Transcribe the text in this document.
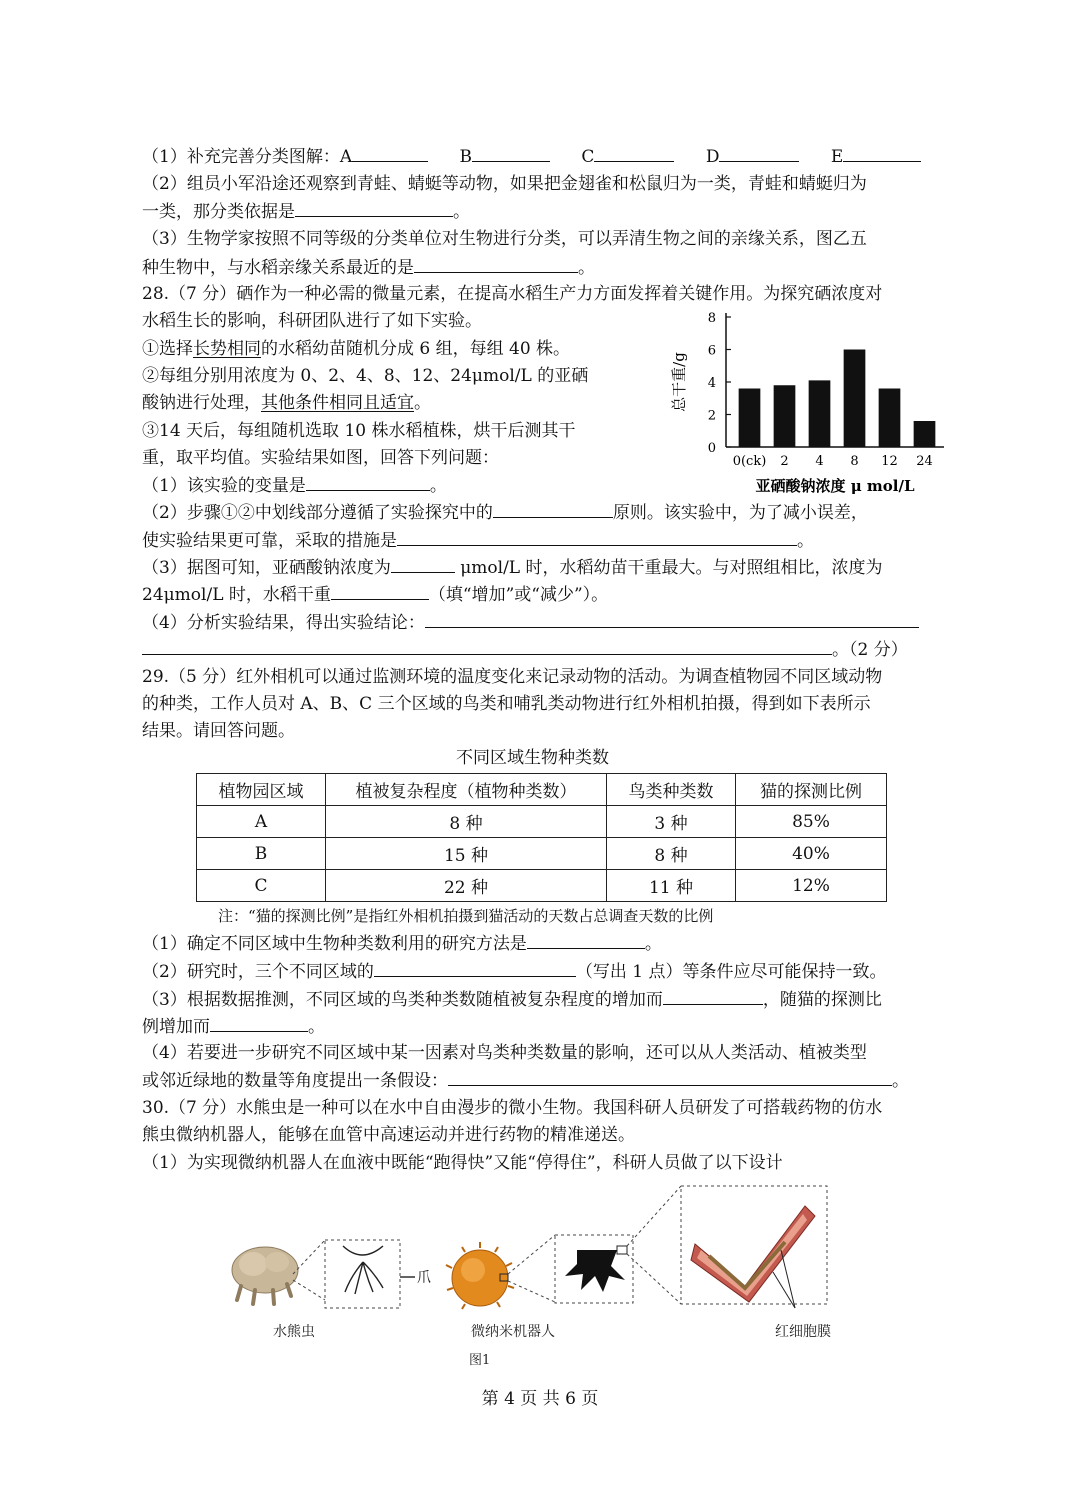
（1）补充完善分类图解：A	B	C	D	E
（2）组员小军沿途还观察到青蛙、蜻蜓等动物，如果把金翅雀和松鼠归为一类，青蛙和蜻蜓归为
一类，那分类依据是	。
（3）生物学家按照不同等级的分类单位对生物进行分类，可以弄清生物之间的亲缘关系，图乙五
种生物中，与水稻亲缘关系最近的是	。
28.（7 分）硒作为一种必需的微量元素，在提高水稻生产力方面发挥着关键作用。为探究硒浓度对
水稻生长的影响，科研团队进行了如下实验。
①选择长势相同的水稻幼苗随机分成 6 组，每组 40 株。
②每组分别用浓度为 0、2、4、8、12、24μmol/L 的亚硒
酸钠进行处理，其他条件相同且适宜。
③14 天后，每组随机选取 10 株水稻植株，烘干后测其干
重，取平均值。实验结果如图，回答下列问题：
（1）该实验的变量是	。
（2）步骤①②中划线部分遵循了实验探究中的	原则。该实验中，为了减小误差，
使实验结果更可靠，采取的措施是	。
（3）据图可知，亚硒酸钠浓度为	μmol/L 时，水稻幼苗干重最大。与对照组相比，浓度为
24μmol/L 时，水稻干重	（填“增加”或“减少”）。
（4）分析实验结果，得出实验结论：
。（2 分）
0
2
4
6
8
0(ck) 2 4 8 12 24
总干重/g
亚硒酸钠浓度 μ mol/L
29.（5 分）红外相机可以通过监测环境的温度变化来记录动物的活动。为调查植物园不同区域动物
的种类，工作人员对 A、B、C 三个区域的鸟类和哺乳类动物进行红外相机拍摄，得到如下表所示
结果。请回答问题。
不同区域生物种类数
植物园区域	植被复杂程度（植物种类数）	鸟类种类数	猫的探测比例
A	8 种	3 种	85%
B	15 种	8 种	40%
C	22 种	11 种	12%
注：“猫的探测比例”是指红外相机拍摄到猫活动的天数占总调查天数的比例
（1）确定不同区域中生物种类数利用的研究方法是	。
（2）研究时，三个不同区域的	（写出 1 点）等条件应尽可能保持一致。
（3）根据数据推测，不同区域的鸟类种类数随植被复杂程度的增加而	，随猫的探测比
例增加而	。
（4）若要进一步研究不同区域中某一因素对鸟类种类数量的影响，还可以从人类活动、植被类型
或邻近绿地的数量等角度提出一条假设：	。
30.（7 分）水熊虫是一种可以在水中自由漫步的微小生物。我国科研人员研发了可搭载药物的仿水
熊虫微纳机器人，能够在血管中高速运动并进行药物的精准递送。
（1）为实现微纳机器人在血液中既能“跑得快”又能“停得住”，科研人员做了以下设计
爪
水熊虫	微纳米机器人	红细胞膜
图1
第 4 页 共 6 页
